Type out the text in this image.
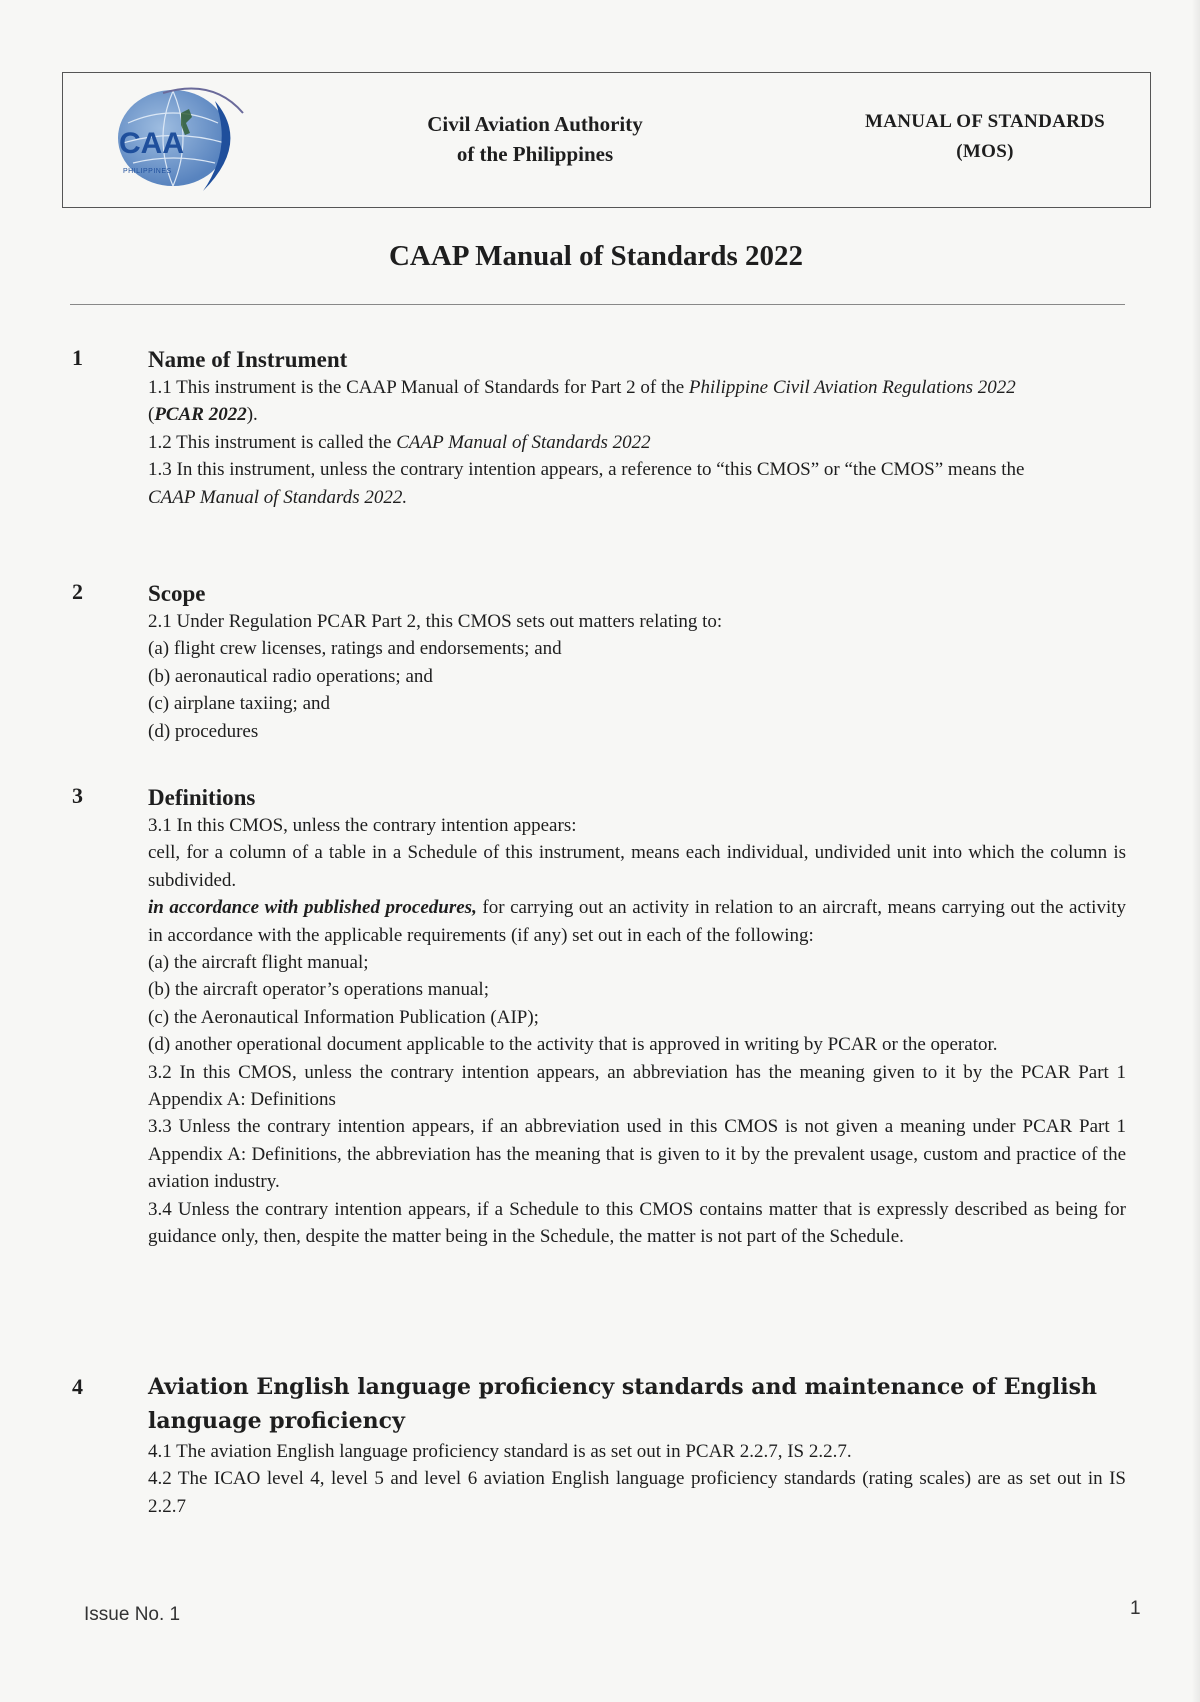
CAA
PHILIPPINES
Civil Aviation Authority
of the Philippines
MANUAL OF STANDARDS
(MOS)
CAAP Manual of Standards 2022
1	Name of Instrument

1.1 This instrument is the CAAP Manual of Standards for Part 2 of the Philippine Civil Aviation Regulations 2022

(PCAR 2022).

1.2 This instrument is called the CAAP Manual of Standards 2022

1.3 In this instrument, unless the contrary intention appears, a reference to “this CMOS” or “the CMOS” means the CAAP Manual of Standards 2022.

2	Scope

2.1 Under Regulation PCAR Part 2, this CMOS sets out matters relating to:

(a) flight crew licenses, ratings and endorsements; and

(b) aeronautical radio operations; and

(c) airplane taxiing; and

(d) procedures

3	Definitions

3.1 In this CMOS, unless the contrary intention appears:

cell, for a column of a table in a Schedule of this instrument, means each individual, undivided unit into which the column is subdivided.

in accordance with published procedures, for carrying out an activity in relation to an aircraft, means carrying out the activity in accordance with the applicable requirements (if any) set out in each of the following:

(a) the aircraft flight manual;

(b) the aircraft operator’s operations manual;

(c) the Aeronautical Information Publication (AIP);

(d) another operational document applicable to the activity that is approved in writing by PCAR or the operator.

3.2 In this CMOS, unless the contrary intention appears, an abbreviation has the meaning given to it by the PCAR Part 1 Appendix A: Definitions

3.3 Unless the contrary intention appears, if an abbreviation used in this CMOS is not given a meaning under PCAR Part 1 Appendix A: Definitions, the abbreviation has the meaning that is given to it by the prevalent usage, custom and practice of the aviation industry.

3.4 Unless the contrary intention appears, if a Schedule to this CMOS contains matter that is expressly described as being for guidance only, then, despite the matter being in the Schedule, the matter is not part of the Schedule.

4	Aviation English language proficiency standards and maintenance of English language proficiency

4.1 The aviation English language proficiency standard is as set out in PCAR 2.2.7, IS 2.2.7.

4.2 The ICAO level 4, level 5 and level 6 aviation English language proficiency standards (rating scales) are as set out in IS 2.2.7

Issue No. 1	1
